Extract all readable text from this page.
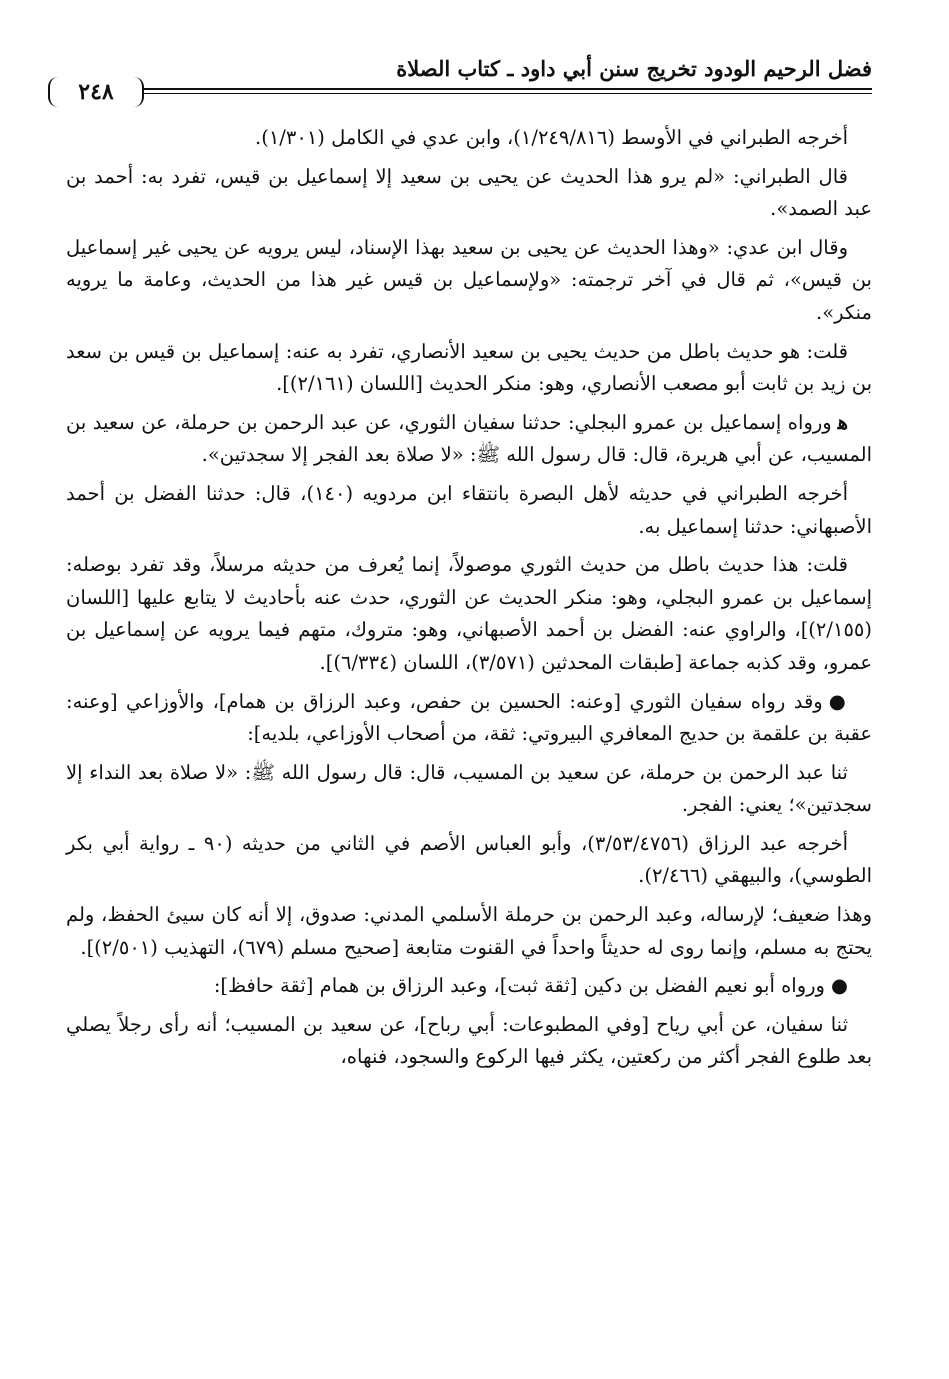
فضل الرحيم الودود تخريج سنن أبي داود ـ كتاب الصلاة
٢٤٨

أخرجه الطبراني في الأوسط (١/٢٤٩/٨١٦)، وابن عدي في الكامل (١/٣٠١).

قال الطبراني: «لم يرو هذا الحديث عن يحيى بن سعيد إلا إسماعيل بن قيس، تفرد به: أحمد بن عبد الصمد».

وقال ابن عدي: «وهذا الحديث عن يحيى بن سعيد بهذا الإسناد، ليس يرويه عن يحيى غير إسماعيل بن قيس»، ثم قال في آخر ترجمته: «ولإسماعيل بن قيس غير هذا من الحديث، وعامة ما يرويه منكر».

قلت: هو حديث باطل من حديث يحيى بن سعيد الأنصاري، تفرد به عنه: إسماعيل بن قيس بن سعد بن زيد بن ثابت أبو مصعب الأنصاري، وهو: منكر الحديث [اللسان (٢/١٦١)].

ﻫورواه إسماعيل بن عمرو البجلي: حدثنا سفيان الثوري، عن عبد الرحمن بن حرملة، عن سعيد بن المسيب، عن أبي هريرة، قال: قال رسول الله ﷺ: «لا صلاة بعد الفجر إلا سجدتين».

أخرجه الطبراني في حديثه لأهل البصرة بانتقاء ابن مردويه (١٤٠)، قال: حدثنا الفضل بن أحمد الأصبهاني: حدثنا إسماعيل به.

قلت: هذا حديث باطل من حديث الثوري موصولاً، إنما يُعرف من حديثه مرسلاً، وقد تفرد بوصله: إسماعيل بن عمرو البجلي، وهو: منكر الحديث عن الثوري، حدث عنه بأحاديث لا يتابع عليها [اللسان (٢/١٥٥)]، والراوي عنه: الفضل بن أحمد الأصبهاني، وهو: متروك، متهم فيما يرويه عن إسماعيل بن عمرو، وقد كذبه جماعة [طبقات المحدثين (٣/٥٧١)، اللسان (٦/٣٣٤)].

●وقد رواه سفيان الثوري [وعنه: الحسين بن حفص، وعبد الرزاق بن همام]، والأوزاعي [وعنه: عقبة بن علقمة بن حديج المعافري البيروتي: ثقة، من أصحاب الأوزاعي، بلديه]:

ثنا عبد الرحمن بن حرملة، عن سعيد بن المسيب، قال: قال رسول الله ﷺ: «لا صلاة بعد النداء إلا سجدتين»؛ يعني: الفجر.

أخرجه عبد الرزاق (٣/٥٣/٤٧٥٦)، وأبو العباس الأصم في الثاني من حديثه (٩٠ ـ رواية أبي بكر الطوسي)، والبيهقي (٢/٤٦٦).

وهذا ضعيف؛ لإرساله، وعبد الرحمن بن حرملة الأسلمي المدني: صدوق، إلا أنه كان سيئ الحفظ، ولم يحتج به مسلم، وإنما روى له حديثاً واحداً في القنوت متابعة [صحيح مسلم (٦٧٩)، التهذيب (٢/٥٠١)].

●ورواه أبو نعيم الفضل بن دكين [ثقة ثبت]، وعبد الرزاق بن همام [ثقة حافظ]:

ثنا سفيان، عن أبي رياح [وفي المطبوعات: أبي رباح]، عن سعيد بن المسيب؛ أنه رأى رجلاً يصلي بعد طلوع الفجر أكثر من ركعتين، يكثر فيها الركوع والسجود، فنهاه،
